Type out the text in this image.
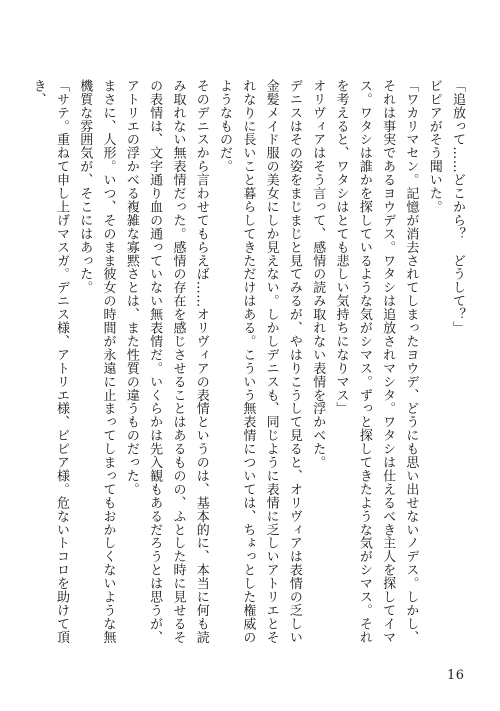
「追放って……どこから？　どうして？」

ビピアがそう聞いた。

「ワカリマセン。記憶が消去されてしまったヨウデ、どうにも思い出せないノデス。しかし、それは事実であるヨウデス。ワタシは追放されマシタ。ワタシは仕えるべき主人を探してイマス。ワタシは誰かを探しているような気がシマス。ずっと探してきたような気がシマス。それを考えると、ワタシはとても悲しい気持ちになりマス」

オリヴィアはそう言って、感情の読み取れない表情を浮かべた。

デニスはその姿をまじまじと見てみるが、やはりこうして見ると、オリヴィアは表情の乏しい金髪メイド服の美女にしか見えない。しかしデニスも、同じように表情に乏しいアトリエとそれなりに長いこと暮らしてきただけはある。こういう無表情については、ちょっとした権威のようなものだ。

そのデニスから言わせてもらえば……オリヴィアの表情というのは、基本的に、本当に何も読み取れない無表情だった。感情の存在を感じさせることはあるものの、ふとした時に見せるその表情は、文字通り血の通っていない無表情だ。いくらかは先入観もあるだろうとは思うが、アトリエの浮かべる複雑な寡黙さとは、また性質の違うものだった。

まさに、人形。いつ、そのまま彼女の時間が永遠に止まってしまってもおかしくないような無機質な雰囲気が、そこにはあった。

「サテ。重ねて申し上げマスガ。デニス様、アトリエ様、ビピア様。危ないトコロを助けて頂き、

16
